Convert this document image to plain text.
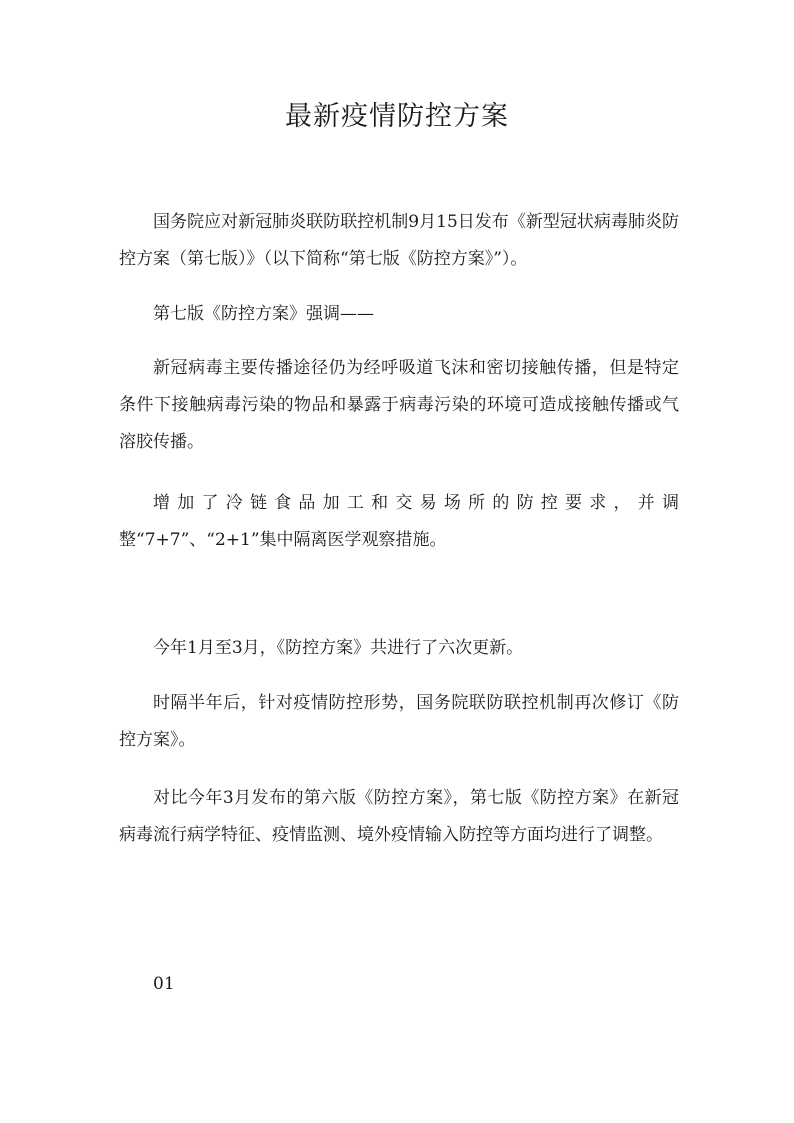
最新疫情防控方案

国务院应对新冠肺炎联防联控机制9月15日发布《新型冠状病毒肺炎防控方案（第七版）》（以下简称“第七版《防控方案》”）。

第七版《防控方案》强调——

新冠病毒主要传播途径仍为经呼吸道飞沫和密切接触传播，但是特定条件下接触病毒污染的物品和暴露于病毒污染的环境可造成接触传播或气溶胶传播。

增加了冷链食品加工和交易场所的防控要求，并调整“7+7”、“2+1”集中隔离医学观察措施。

今年1月至3月，《防控方案》共进行了六次更新。

时隔半年后，针对疫情防控形势，国务院联防联控机制再次修订《防控方案》。

对比今年3月发布的第六版《防控方案》，第七版《防控方案》在新冠病毒流行病学特征、疫情监测、境外疫情输入防控等方面均进行了调整。

01
